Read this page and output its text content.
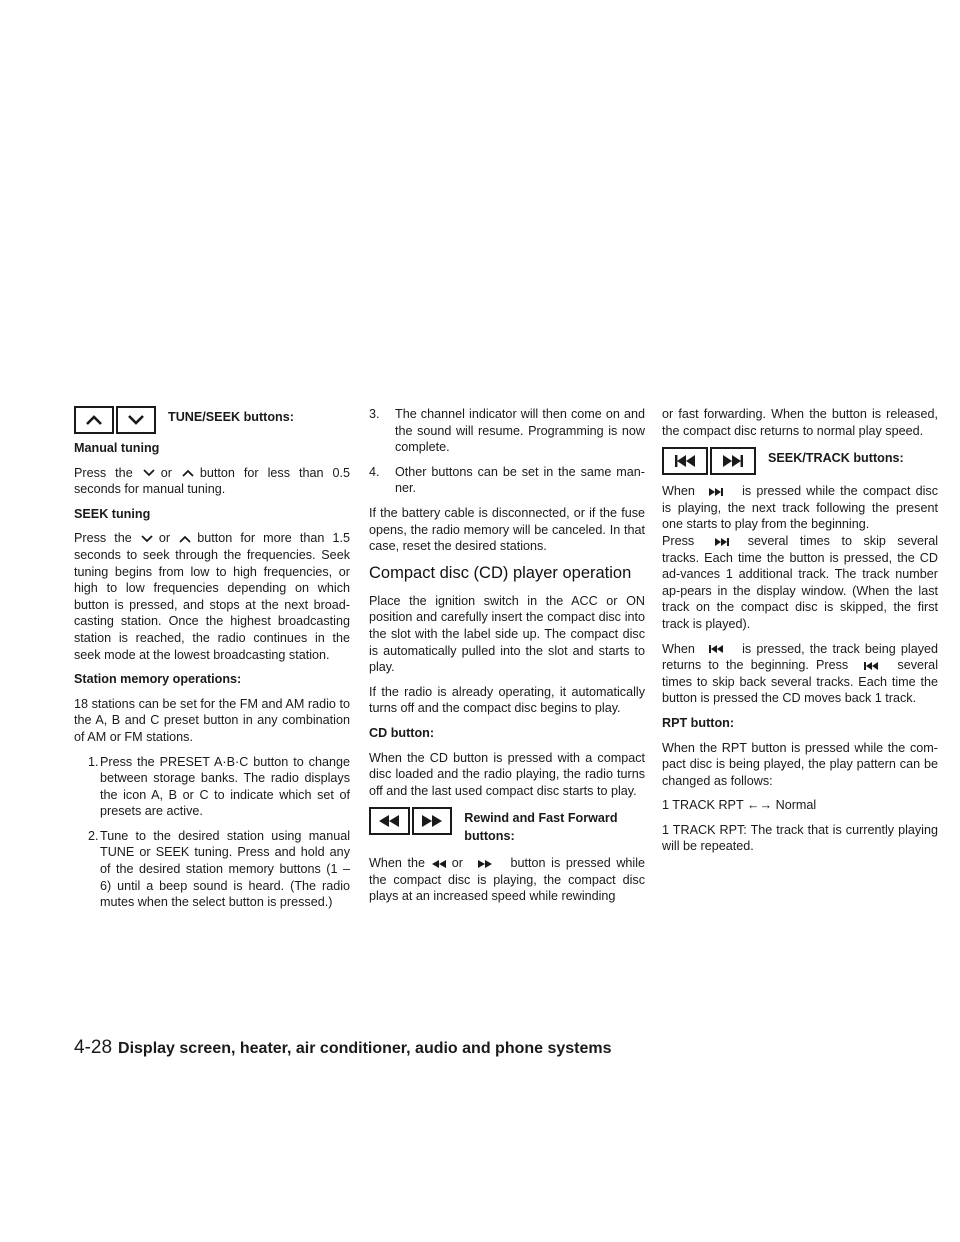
TUNE/SEEK buttons:
Manual tuning

Press the or button for less than 0.5 seconds for manual tuning.

SEEK tuning

Press the or button for more than 1.5 seconds to seek through the frequencies. Seek tuning begins from low to high frequencies, or high to low frequencies depending on which button is pressed, and stops at the next broad-casting station. Once the highest broadcasting station is reached, the radio continues in the seek mode at the lowest broadcasting station.

Station memory operations:

18 stations can be set for the FM and AM radio to the A, B and C preset button in any combination of AM or FM stations.

1. Press the PRESET A·B·C button to change between storage banks. The radio displays the icon A, B or C to indicate which set of presets are active.
2. Tune to the desired station using manual TUNE or SEEK tuning. Press and hold any of the desired station memory buttons (1 – 6) until a beep sound is heard. (The radio mutes when the select button is pressed.)
3. The channel indicator will then come on and the sound will resume. Programming is now complete.
4. Other buttons can be set in the same man-ner.

If the battery cable is disconnected, or if the fuse opens, the radio memory will be canceled. In that case, reset the desired stations.

Compact disc (CD) player operation

Place the ignition switch in the ACC or ON position and carefully insert the compact disc into the slot with the label side up. The compact disc is automatically pulled into the slot and starts to play.

If the radio is already operating, it automatically turns off and the compact disc begins to play.

CD button:

When the CD button is pressed with a compact disc loaded and the radio playing, the radio turns off and the last used compact disc starts to play.

Rewind and Fast Forward buttons:

When the or	button is pressed while the compact disc is playing, the compact disc plays at an increased speed while rewinding

or fast forwarding. When the button is released, the compact disc returns to normal play speed.

SEEK/TRACK buttons:

When	is pressed while the compact disc is playing, the next track following the present one starts to play from the beginning.
Press	several times to skip several tracks. Each time the button is pressed, the CD ad-vances 1 additional track. The track number ap-pears in the display window. (When the last track on the compact disc is skipped, the first track is played).

When	is pressed, the track being played returns to the beginning. Press	several times to skip back several tracks. Each time the button is pressed the CD moves back 1 track.

RPT button:

When the RPT button is pressed while the com-pact disc is being played, the play pattern can be changed as follows:

1 TRACK RPT ←→ Normal

1 TRACK RPT: The track that is currently playing will be repeated.

4-28 Display screen, heater, air conditioner, audio and phone systems
